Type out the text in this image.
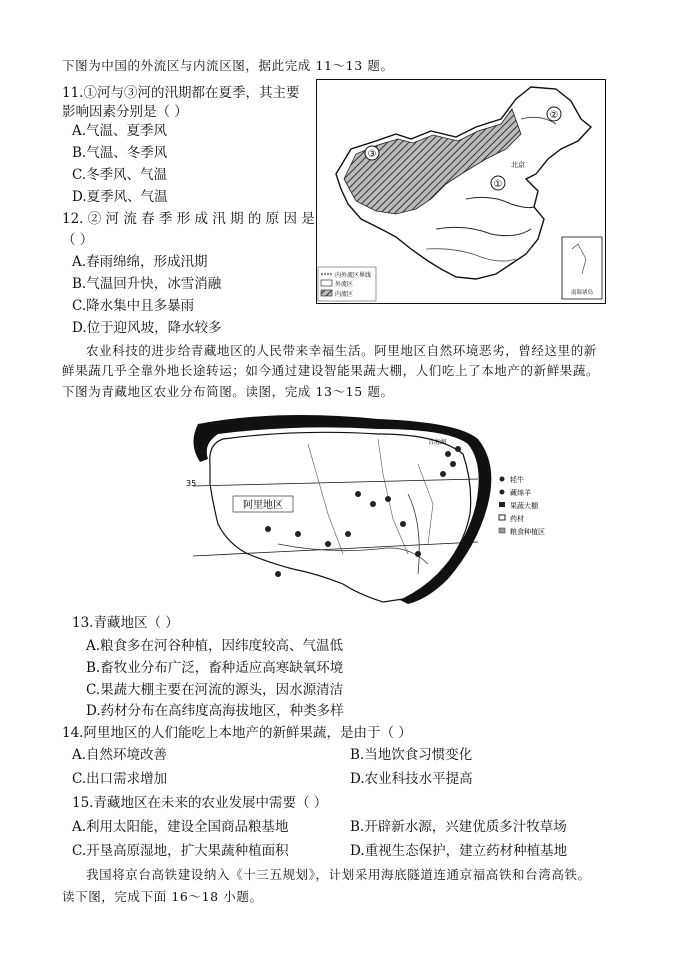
下图为中国的外流区与内流区图，据此完成 11～13 题。
11.①河与③河的汛期都在夏季，其主要
影响因素分别是（ ）
A.气温、夏季风
B.气温、冬季风
C.冬季风、气温
D.夏季风、气温
12. ② 河 流 春 季 形 成 汛 期 的 原 因 是
（ ）
A.春雨绵绵，形成汛期
B.气温回升快，冰雪消融
C.降水集中且多暴雨
D.位于迎风坡，降水较多
①
②
③
北京
内外流区界线
外流区
内流区	南海诸岛
农业科技的进步给青藏地区的人民带来幸福生活。阿里地区自然环境恶劣，曾经这里的新
鲜果蔬几乎全靠外地长途转运；如今通过建设智能果蔬大棚，人们吃上了本地产的新鲜果蔬。
下图为青藏地区农业分布简图。读图，完成 13～15 题。
35
阿里地区
青海湖
牦牛
藏绵羊
果蔬大棚
药材
粮食种植区
13.青藏地区（ ）
A.粮食多在河谷种植，因纬度较高、气温低
B.畜牧业分布广泛，畜种适应高寒缺氧环境
C.果蔬大棚主要在河流的源头，因水源清洁
D.药材分布在高纬度高海拔地区，种类多样
14.阿里地区的人们能吃上本地产的新鲜果蔬，是由于（ ）
A.自然环境改善	B.当地饮食习惯变化
C.出口需求增加	D.农业科技水平提高
15.青藏地区在未来的农业发展中需要（ ）
A.利用太阳能，建设全国商品粮基地	B.开辟新水源，兴建优质多汁牧草场
C.开垦高原湿地，扩大果蔬种植面积	D.重视生态保护，建立药材种植基地
我国将京台高铁建设纳入《十三五规划》，计划采用海底隧道连通京福高铁和台湾高铁。
读下图，完成下面 16～18 小题。
